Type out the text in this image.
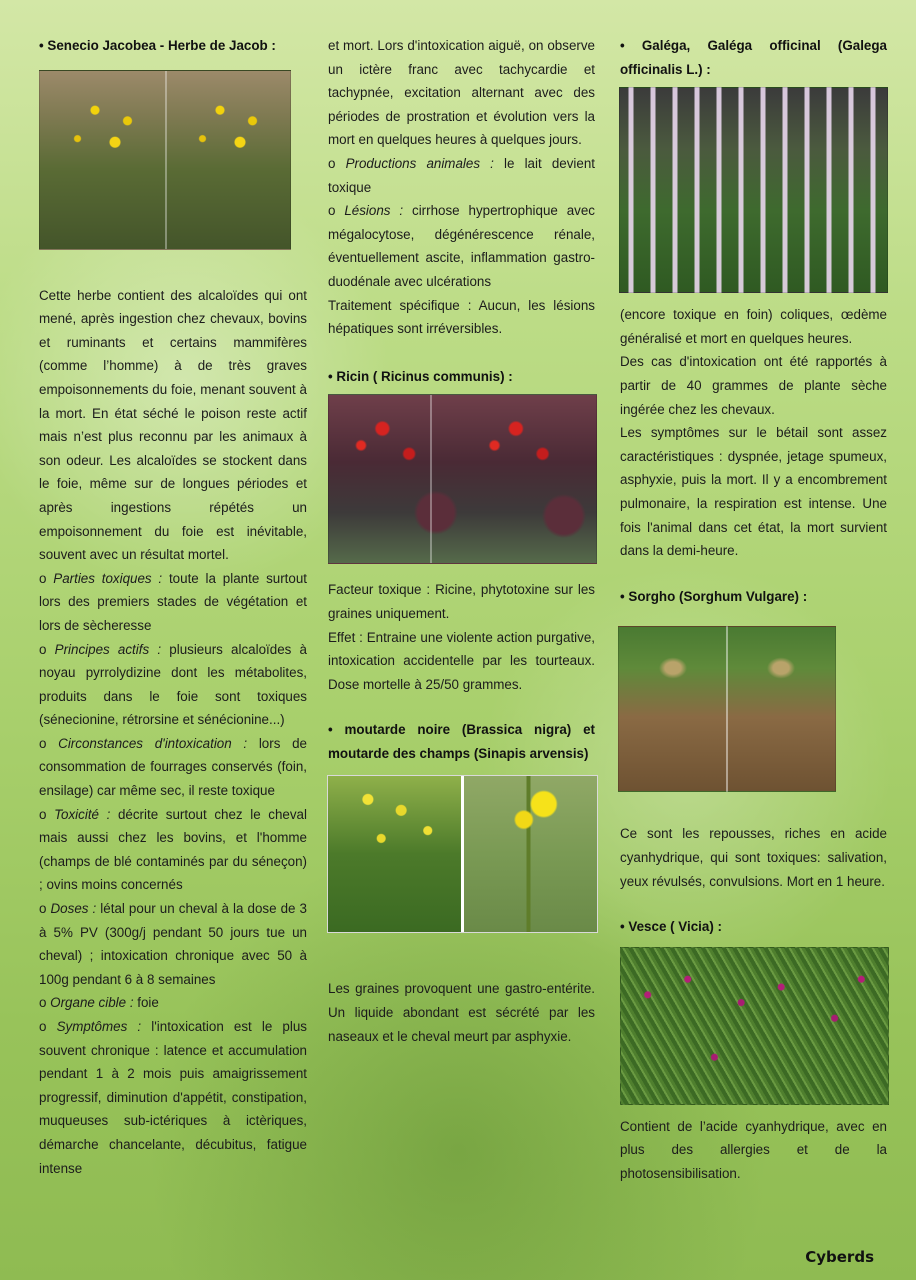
• Senecio Jacobea - Herbe de Jacob :

Cette herbe contient des alcaloïdes qui ont mené, après ingestion chez chevaux, bovins et ruminants et certains mammifères (comme l’homme) à de très graves empoisonnements du foie, menant souvent à la mort. En état séché le poison reste actif mais n’est plus reconnu par les animaux à son odeur. Les alcaloïdes se stockent dans le foie, même sur de longues périodes et après ingestions répétés un empoisonnement du foie est inévitable, souvent avec un résultat mortel.

o Parties toxiques : toute la plante surtout lors des premiers stades de végétation et lors de sècheresse

o Principes actifs : plusieurs alcaloïdes à noyau pyrrolydizine dont les métabolites, produits dans le foie sont toxiques (sénecionine, rétrorsine et sénécionine...)

o Circonstances d'intoxication : lors de consommation de fourrages conservés (foin, ensilage) car même sec, il reste toxique

o Toxicité : décrite surtout chez le cheval mais aussi chez les bovins, et l'homme (champs de blé contaminés par du séneçon) ; ovins moins concernés

o Doses : létal pour un cheval à la dose de 3 à 5% PV (300g/j pendant 50 jours tue un cheval) ; intoxication chronique avec 50 à 100g pendant 6 à 8 semaines

o Organe cible : foie

o Symptômes : l'intoxication est le plus souvent chronique : latence et accumulation pendant 1 à 2 mois puis amaigrissement progressif, diminution d'appétit, constipation, muqueuses sub-ictériques à ictèriques, démarche chancelante, décubitus, fatigue intense

et mort. Lors d'intoxication aiguë, on observe un ictère franc avec tachycardie et tachypnée, excitation alternant avec des périodes de prostration et évolution vers la mort en quelques heures à quelques jours.

o Productions animales : le lait devient toxique

o Lésions : cirrhose hypertrophique avec mégalocytose, dégénérescence rénale, éventuellement ascite, inflammation gastro-duodénale avec ulcérations

Traitement spécifique : Aucun, les lésions hépatiques sont irréversibles.

• Ricin ( Ricinus communis) :

Facteur toxique : Ricine, phytotoxine sur les graines uniquement.

Effet : Entraine une violente action purgative, intoxication accidentelle par les tourteaux. Dose mortelle à 25/50 grammes.

• moutarde noire (Brassica nigra) et moutarde des champs (Sinapis arvensis)

Les graines provoquent une gastro-entérite. Un liquide abondant est sécrété par les naseaux et le cheval meurt par asphyxie.

• Galéga, Galéga officinal (Galega officinalis L.) :

(encore toxique en foin) coliques, œdème généralisé et mort en quelques heures.

Des cas d'intoxication ont été rapportés à partir de 40 grammes de plante sèche ingérée chez les chevaux.

Les symptômes sur le bétail sont assez caractéristiques : dyspnée, jetage spumeux, asphyxie, puis la mort. Il y a encombrement pulmonaire, la respiration est intense. Une fois l'animal dans cet état, la mort survient dans la demi-heure.

• Sorgho (Sorghum Vulgare) :

Ce sont les repousses, riches en acide cyanhydrique, qui sont toxiques: salivation, yeux révulsés, convulsions. Mort en 1 heure.

• Vesce ( Vicia) :

Contient de l’acide cyanhydrique, avec en plus des allergies et de la photosensibilisation.

Cyberds
